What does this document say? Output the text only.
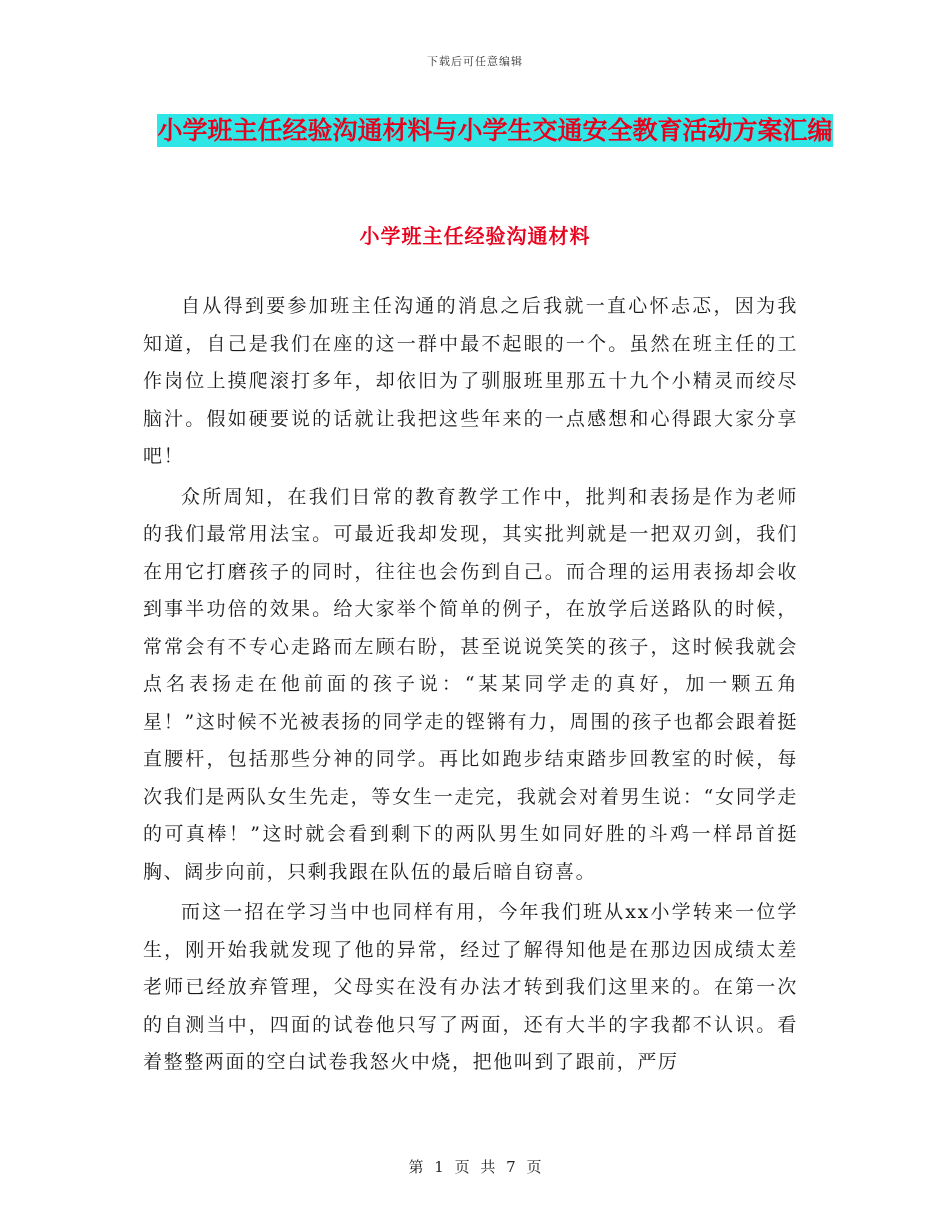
下载后可任意编辑
小学班主任经验沟通材料与小学生交通安全教育活动方案汇编
小学班主任经验沟通材料

自从得到要参加班主任沟通的消息之后我就一直心怀忐忑，因为我知道，自己是我们在座的这一群中最不起眼的一个。虽然在班主任的工作岗位上摸爬滚打多年，却依旧为了驯服班里那五十九个小精灵而绞尽脑汁。假如硬要说的话就让我把这些年来的一点感想和心得跟大家分享吧！

众所周知，在我们日常的教育教学工作中，批判和表扬是作为老师的我们最常用法宝。可最近我却发现，其实批判就是一把双刃剑，我们在用它打磨孩子的同时，往往也会伤到自己。而合理的运用表扬却会收到事半功倍的效果。给大家举个简单的例子，在放学后送路队的时候，常常会有不专心走路而左顾右盼，甚至说说笑笑的孩子，这时候我就会点名表扬走在他前面的孩子说：“某某同学走的真好，加一颗五角星！”这时候不光被表扬的同学走的铿锵有力，周围的孩子也都会跟着挺直腰杆，包括那些分神的同学。再比如跑步结束踏步回教室的时候，每次我们是两队女生先走，等女生一走完，我就会对着男生说：“女同学走的可真棒！”这时就会看到剩下的两队男生如同好胜的斗鸡一样昂首挺胸、阔步向前，只剩我跟在队伍的最后暗自窃喜。

而这一招在学习当中也同样有用，今年我们班从xx小学转来一位学生，刚开始我就发现了他的异常，经过了解得知他是在那边因成绩太差老师已经放弃管理，父母实在没有办法才转到我们这里来的。在第一次的自测当中，四面的试卷他只写了两面，还有大半的字我都不认识。看着整整两面的空白试卷我怒火中烧，把他叫到了跟前，严厉

第 1 页 共 7 页
